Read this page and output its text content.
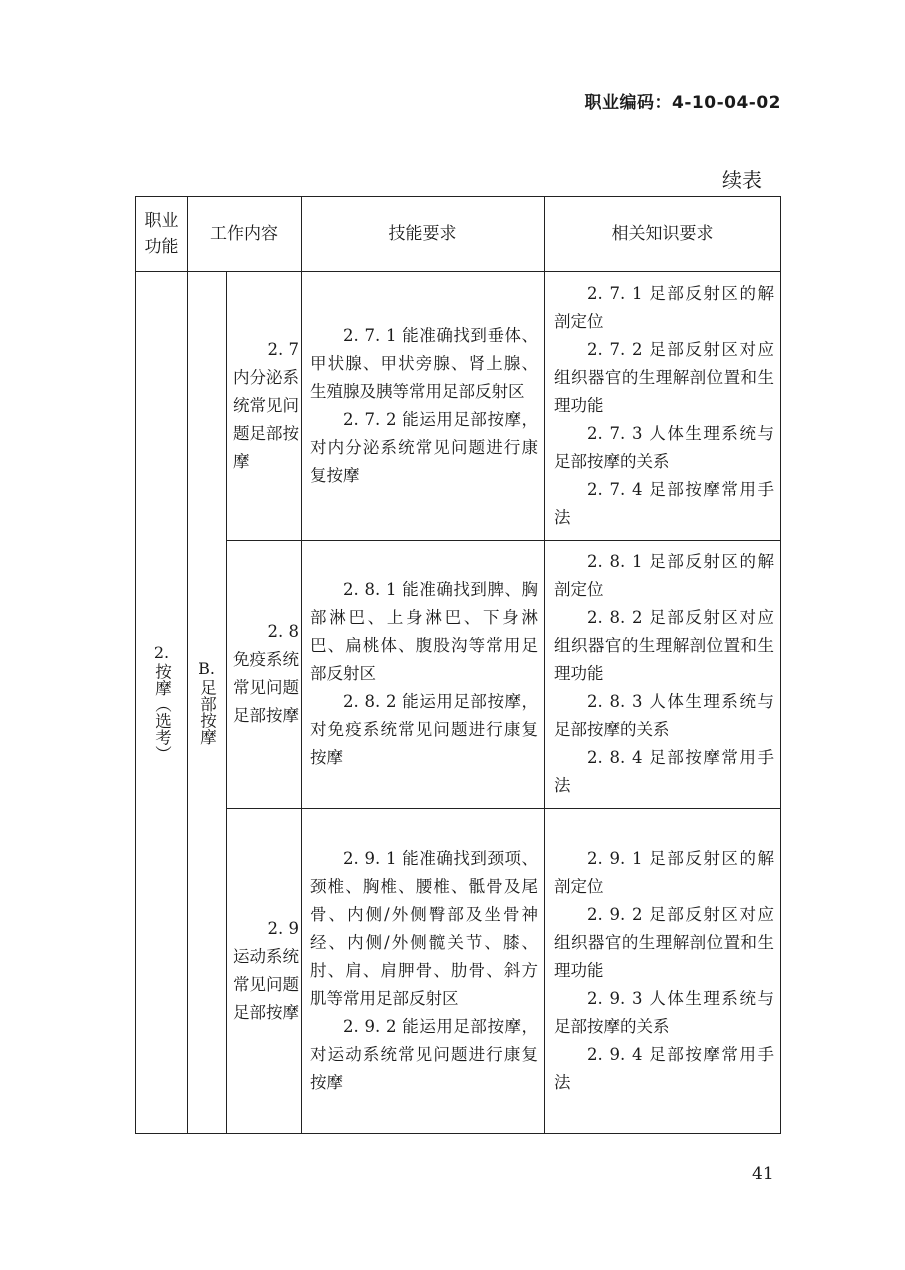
职业编码：4-10-04-02
续表
职业
功能
工作内容	技能要求	相关知识要求
2.
按摩（选考） B.
足部按摩
2. 7
内分泌系统常见问题足部按摩
2. 7. 1 能准确找到垂体、甲状腺、甲状旁腺、肾上腺、生殖腺及胰等常用足部反射区
2. 7. 2 能运用足部按摩，对内分泌系统常见问题进行康复按摩
2. 7. 1 足部反射区的解剖定位
2. 7. 2 足部反射区对应组织器官的生理解剖位置和生理功能
2. 7. 3 人体生理系统与足部按摩的关系
2. 7. 4 足部按摩常用手法
2. 8
免疫系统常见问题足部按摩
2. 8. 1 能准确找到脾、胸部淋巴、上身淋巴、下身淋巴、扁桃体、腹股沟等常用足部反射区
2. 8. 2 能运用足部按摩，对免疫系统常见问题进行康复按摩
2. 8. 1 足部反射区的解剖定位
2. 8. 2 足部反射区对应组织器官的生理解剖位置和生理功能
2. 8. 3 人体生理系统与足部按摩的关系
2. 8. 4 足部按摩常用手法
2. 9
运动系统常见问题足部按摩
2. 9. 1 能准确找到颈项、颈椎、胸椎、腰椎、骶骨及尾骨、内侧/外侧臀部及坐骨神经、内侧/外侧髋关节、膝、肘、肩、肩胛骨、肋骨、斜方肌等常用足部反射区
2. 9. 2 能运用足部按摩，对运动系统常见问题进行康复按摩
2. 9. 1 足部反射区的解剖定位
2. 9. 2 足部反射区对应组织器官的生理解剖位置和生理功能
2. 9. 3 人体生理系统与足部按摩的关系
2. 9. 4 足部按摩常用手法
41
